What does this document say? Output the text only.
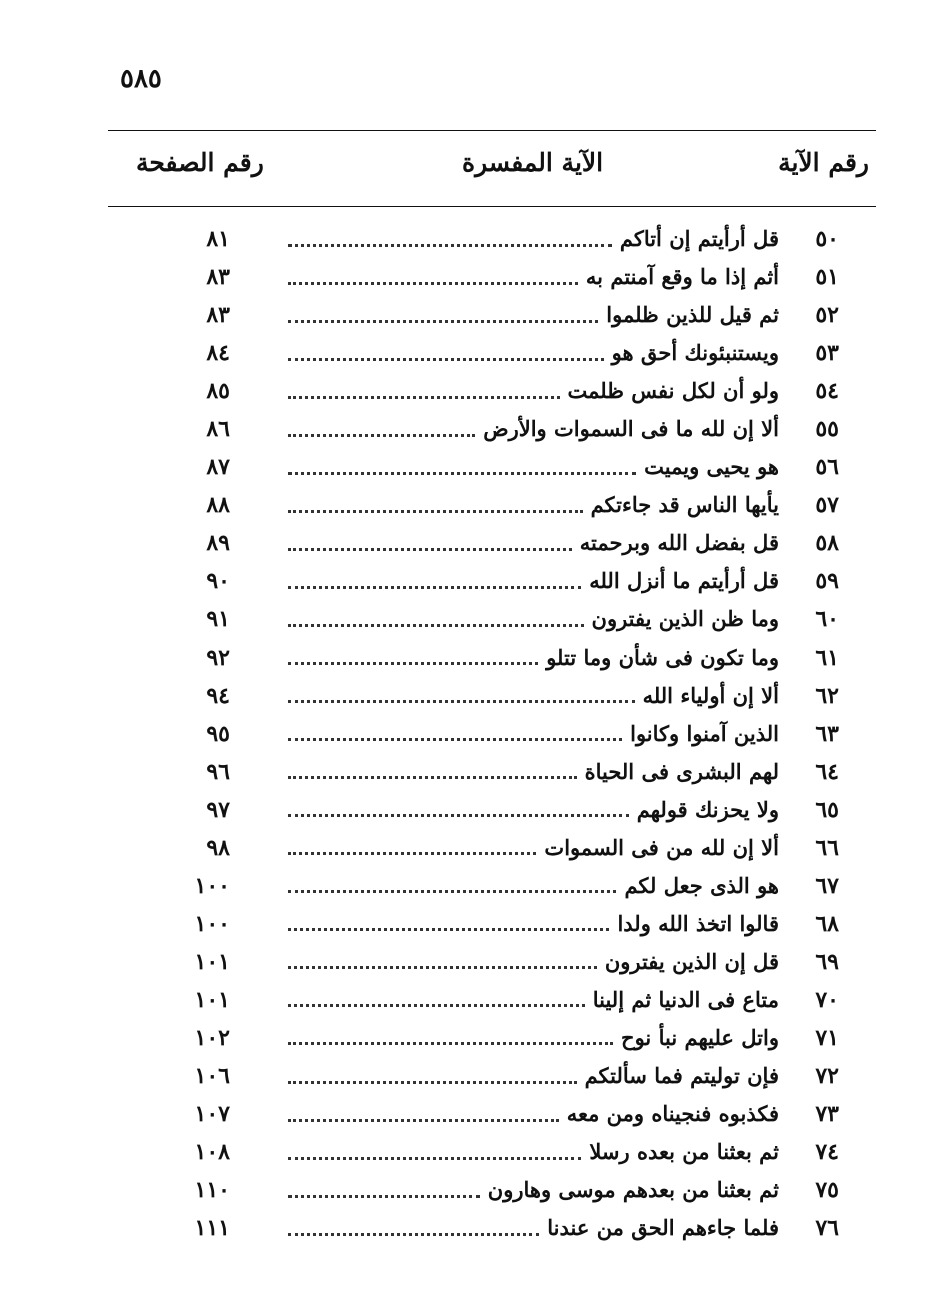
٥٨٥
رقم الآية
الآية المفسرة
رقم الصفحة
٥٠
قل أرأيتم إن أتاكم
٨١
٥١
أثم إذا ما وقع آمنتم به
٨٣
٥٢
ثم قيل للذين ظلموا
٨٣
٥٣
ويستنبئونك أحق هو
٨٤
٥٤
ولو أن لكل نفس ظلمت
٨٥
٥٥
ألا إن لله ما فى السموات والأرض
٨٦
٥٦
هو يحيى ويميت
٨٧
٥٧
يأيها الناس قد جاءتكم
٨٨
٥٨
قل بفضل الله وبرحمته
٨٩
٥٩
قل أرأيتم ما أنزل الله
٩٠
٦٠
وما ظن الذين يفترون
٩١
٦١
وما تكون فى شأن وما تتلو
٩٢
٦٢
ألا إن أولياء الله
٩٤
٦٣
الذين آمنوا وكانوا
٩٥
٦٤
لهم البشرى فى الحياة
٩٦
٦٥
ولا يحزنك قولهم
٩٧
٦٦
ألا إن لله من فى السموات
٩٨
٦٧
هو الذى جعل لكم
١٠٠
٦٨
قالوا اتخذ الله ولدا
١٠٠
٦٩
قل إن الذين يفترون
١٠١
٧٠
متاع فى الدنيا ثم إلينا
١٠١
٧١
واتل عليهم نبأ نوح
١٠٢
٧٢
فإن توليتم فما سألتكم
١٠٦
٧٣
فكذبوه فنجيناه ومن معه
١٠٧
٧٤
ثم بعثنا من بعده رسلا
١٠٨
٧٥
ثم بعثنا من بعدهم موسى وهارون
١١٠
٧٦
فلما جاءهم الحق من عندنا
١١١
